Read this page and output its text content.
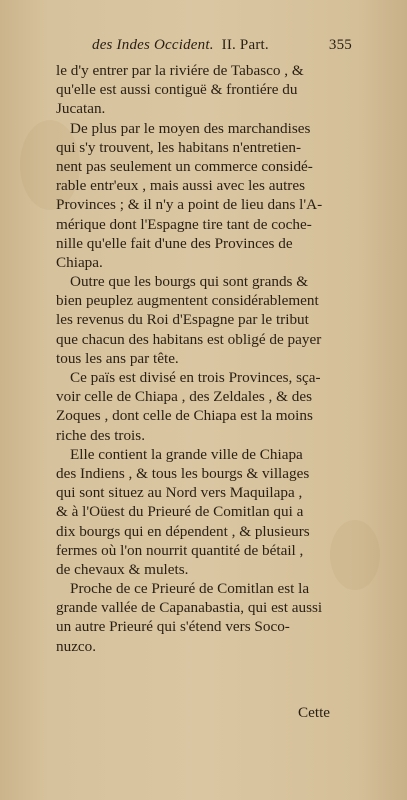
des Indes Occident. II. Part.	355
le d'y entrer par la riviére de Tabasco , &
qu'elle est aussi contiguë & frontiére du
Jucatan.
De plus par le moyen des marchandises
qui s'y trouvent, les habitans n'entretien-
nent pas seulement un commerce considé-
rable entr'eux , mais aussi avec les autres
Provinces ; & il n'y a point de lieu dans l'A-
mérique dont l'Espagne tire tant de coche-
nille qu'elle fait d'une des Provinces de
Chiapa.
Outre que les bourgs qui sont grands &
bien peuplez augmentent considérablement
les revenus du Roi d'Espagne par le tribut
que chacun des habitans est obligé de payer
tous les ans par tête.
Ce païs est divisé en trois Provinces, sça-
voir celle de Chiapa , des Zeldales , & des
Zoques , dont celle de Chiapa est la moins
riche des trois.
Elle contient la grande ville de Chiapa
des Indiens , & tous les bourgs & villages
qui sont situez au Nord vers Maquilapa ,
& à l'Oüest du Prieuré de Comitlan qui a
dix bourgs qui en dépendent , & plusieurs
fermes où l'on nourrit quantité de bétail ,
de chevaux & mulets.
Proche de ce Prieuré de Comitlan est la
grande vallée de Capanabastia, qui est aussi
un autre Prieuré qui s'étend vers Soco-
nuzco.
Cette
